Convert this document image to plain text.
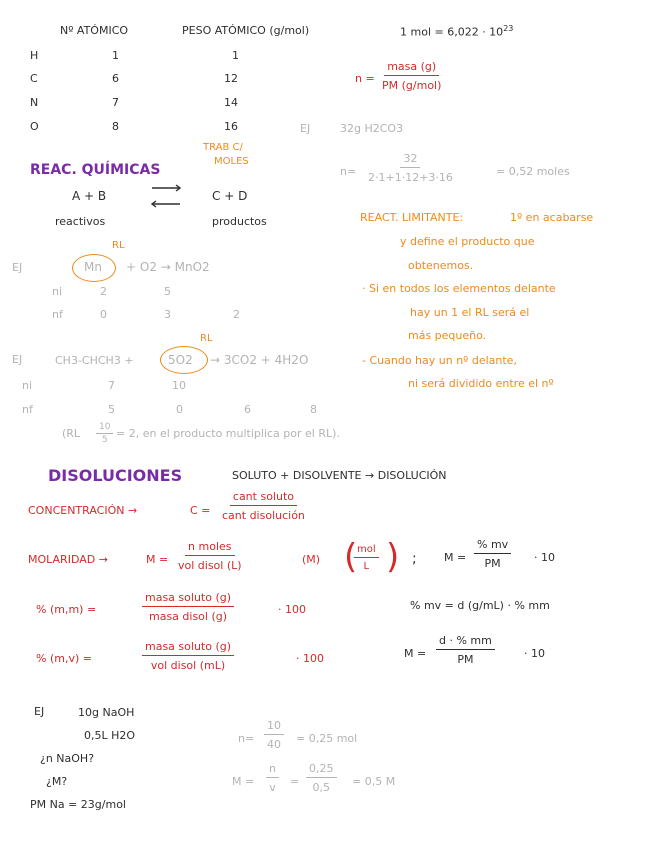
Nº ATÓMICO	PESO ATÓMICO (g/mol)	1 mol = $6,022 \cdot 10^{23}$
H	1	1
C	6	12
N	7	14
O	8	16
n =
masa (g)
PM (g/mol)
EJ	32g H2CO3
$n= \frac{32}{2\cdot 1+1\cdot 12+3\cdot 16}$	= 0,52 moles
REAC. QUÍMICAS
TRAB C/
MOLES
A + B	C + D
reactivos	productos	REACT. LIMITANTE:	1º en acabarse
y define el producto que
obtenemos.
· Si en todos los elementos delante
hay un 1 el RL será el
más pequeño.
- Cuando hay un nº delante,
ni será dividido entre el nº
RL
EJ	Mn + O2 → MnO2
ni	2	5
nf	0	3	2
RL
EJ	CH3-CHCH3 +	5O2 → 3CO2 + 4H2O
ni	7	10
nf	5	0	6	8
($RL \frac{10}{5} = 2$, en el producto multiplica por el RL).
DISOLUCIONES	SOLUTO + DISOLVENTE → DISOLUCIÓN
CONCENTRACIÓN →	C =
cant soluto
cant disolución
MOLARIDAD →	M =
n moles
vol disol (L)	(M) ( mol
L ) ; $M = \frac{\% mv}{PM} \cdot 10$
% (m,m) =
masa soluto (g)
masa disol (g)
· 100	% mv = d (g/mL) · % mm
% (m,v) =
masa soluto (g)
vol disol (mL)
· 100	$M = \frac{d \cdot \% mm}{PM}$	· 10
EJ	10g NaOH
0,5L H2O
¿n NaOH?
¿M?
PM Na = 23g/mol
$n= \frac{10}{40} = 0,25$ mol
$M = \frac{n}{v} = \frac{0,25}{0,5} = 0,5$ M
